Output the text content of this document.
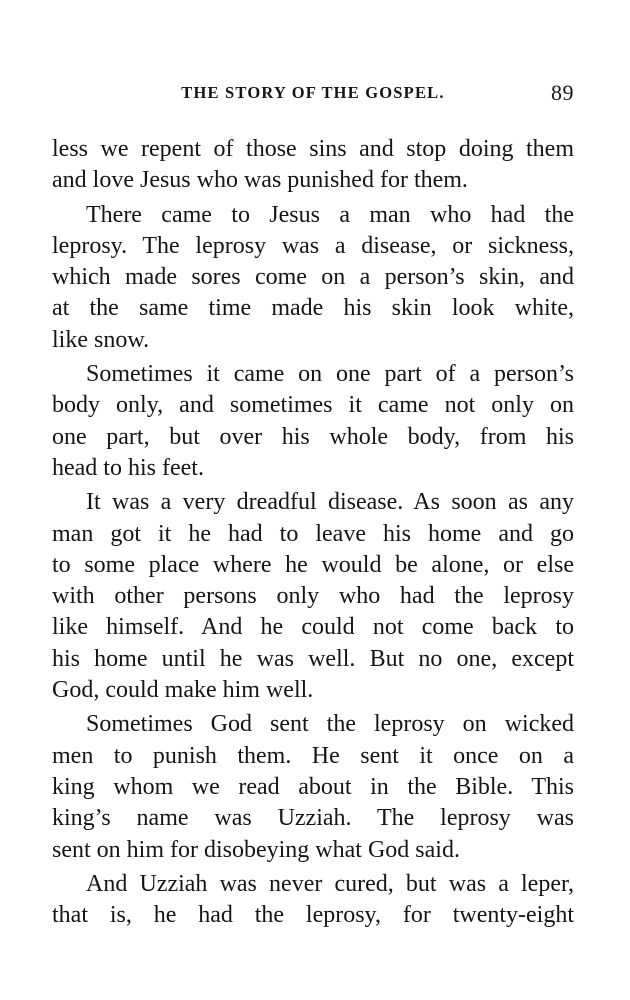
THE STORY OF THE GOSPEL.	89
less we repent of those sins and stop doing them
and love Jesus who was punished for them.
There came to Jesus a man who had the
leprosy. The leprosy was a disease, or sickness,
which made sores come on a person’s skin, and
at the same time made his skin look white,
like snow.
Sometimes it came on one part of a person’s
body only, and sometimes it came not only on
one part, but over his whole body, from his
head to his feet.
It was a very dreadful disease. As soon as any
man got it he had to leave his home and go
to some place where he would be alone, or else
with other persons only who had the leprosy
like himself. And he could not come back to
his home until he was well. But no one, except
God, could make him well.
Sometimes God sent the leprosy on wicked
men to punish them. He sent it once on a
king whom we read about in the Bible. This
king’s name was Uzziah. The leprosy was
sent on him for disobeying what God said.
And Uzziah was never cured, but was a leper,
that is, he had the leprosy, for twenty-eight
